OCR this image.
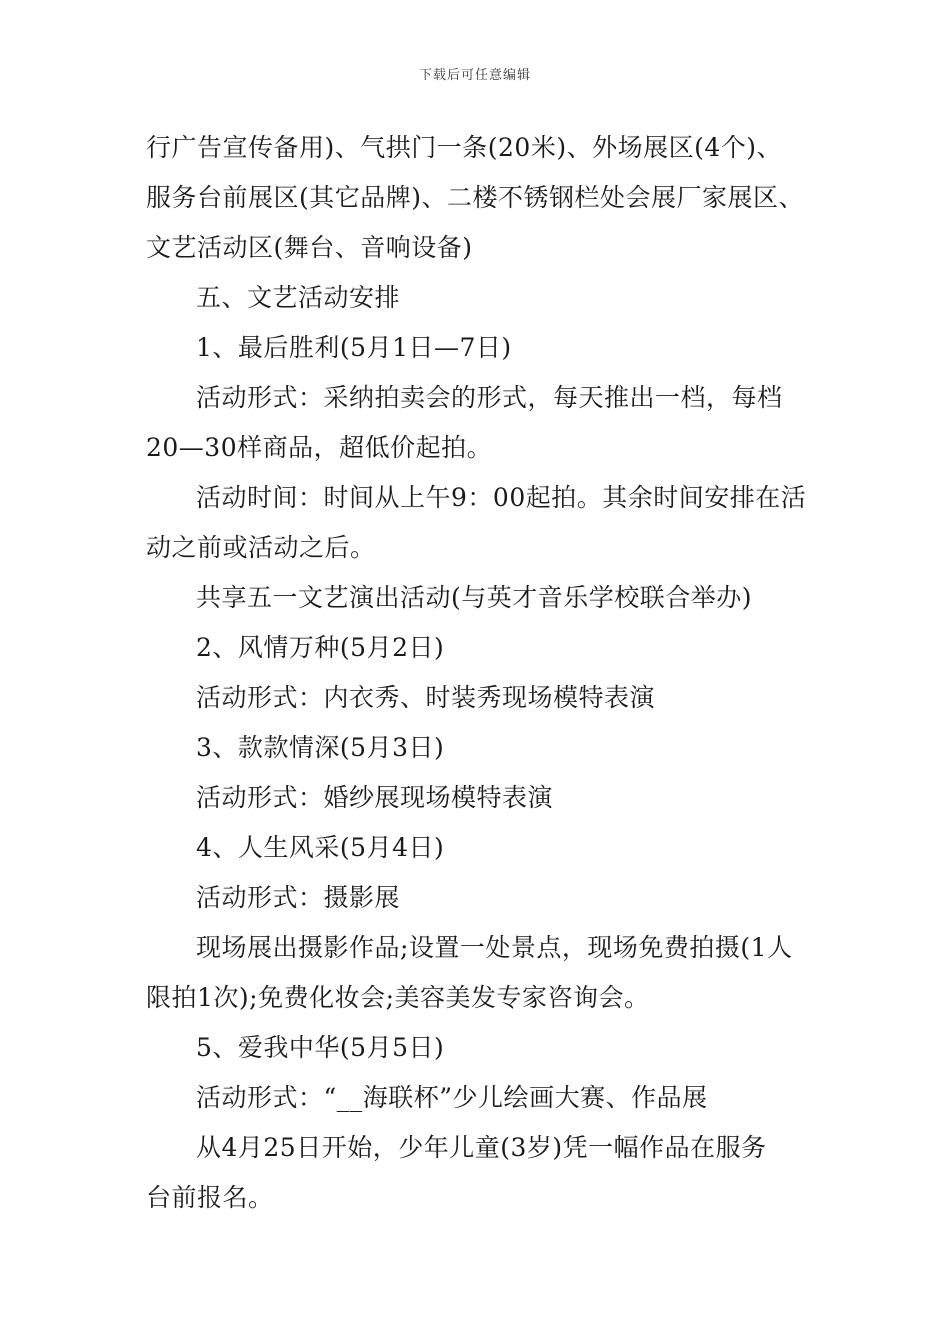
下载后可任意编辑
行广告宣传备用)、气拱门一条(20米)、外场展区(4个)、
服务台前展区(其它品牌)、二楼不锈钢栏处会展厂家展区、
文艺活动区(舞台、音响设备)
五、文艺活动安排
1、最后胜利(5月1日—7日)
活动形式：采纳拍卖会的形式，每天推出一档，每档
20—30样商品，超低价起拍。
活动时间：时间从上午9：00起拍。其余时间安排在活
动之前或活动之后。
共享五一文艺演出活动(与英才音乐学校联合举办)
2、风情万种(5月2日)
活动形式：内衣秀、时装秀现场模特表演
3、款款情深(5月3日)
活动形式：婚纱展现场模特表演
4、人生风采(5月4日)
活动形式：摄影展
现场展出摄影作品;设置一处景点，现场免费拍摄(1人
限拍1次);免费化妆会;美容美发专家咨询会。
5、爱我中华(5月5日)
活动形式：“__海联杯”少儿绘画大赛、作品展
从4月25日开始，少年儿童(3岁)凭一幅作品在服务
台前报名。
